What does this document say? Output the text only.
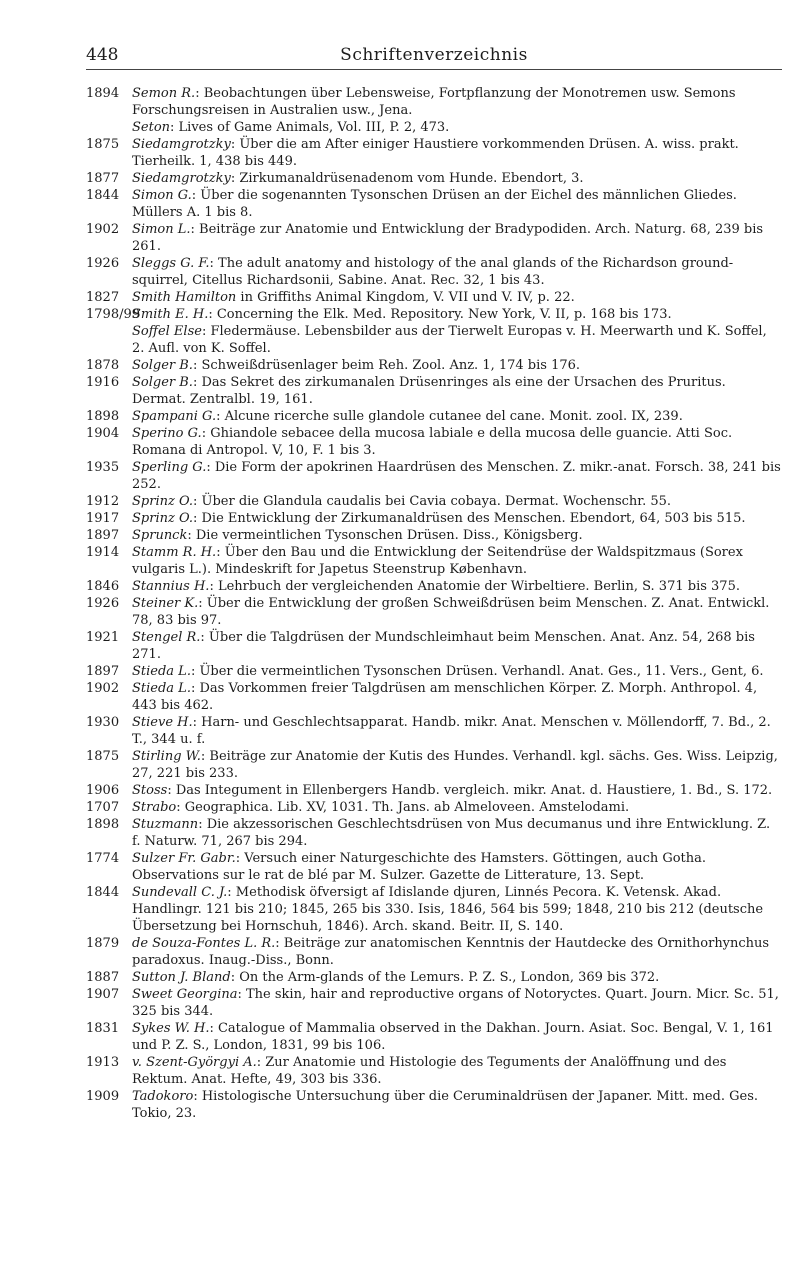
448	Schriftenverzeichnis

1894 Semon R.: Beobachtungen über Lebensweise, Fortpflanzung der Monotremen usw. Semons Forschungsreisen in Australien usw., Jena.

Seton: Lives of Game Animals, Vol. III, P. 2, 473.

1875 Siedamgrotzky: Über die am After einiger Haustiere vorkommenden Drüsen. A. wiss. prakt. Tierheilk. 1, 438 bis 449.

1877 Siedamgrotzky: Zirkumanaldrüsenadenom vom Hunde. Ebendort, 3.

1844 Simon G.: Über die sogenannten Tysonschen Drüsen an der Eichel des männlichen Gliedes. Müllers A. 1 bis 8.

1902 Simon L.: Beiträge zur Anatomie und Entwicklung der Bradypodiden. Arch. Naturg. 68, 239 bis 261.

1926 Sleggs G. F.: The adult anatomy and histology of the anal glands of the Richardson ground-squirrel, Citellus Richardsonii, Sabine. Anat. Rec. 32, 1 bis 43.

1827 Smith Hamilton in Griffiths Animal Kingdom, V. VII und V. IV, p. 22.

1798/99
Smith E. H.: Concerning the Elk. Med. Repository. New York, V. II, p. 168 bis 173.

Soffel Else: Fledermäuse. Lebensbilder aus der Tierwelt Europas v. H. Meerwarth und K. Soffel, 2. Aufl. von K. Soffel.

1878 Solger B.: Schweißdrüsenlager beim Reh. Zool. Anz. 1, 174 bis 176.

1916 Solger B.: Das Sekret des zirkumanalen Drüsenringes als eine der Ursachen des Pruritus. Dermat. Zentralbl. 19, 161.

1898 Spampani G.: Alcune ricerche sulle glandole cutanee del cane. Monit. zool. IX, 239.

1904 Sperino G.: Ghiandole sebacee della mucosa labiale e della mucosa delle guancie. Atti Soc. Romana di Antropol. V, 10, F. 1 bis 3.

1935 Sperling G.: Die Form der apokrinen Haardrüsen des Menschen. Z. mikr.-anat. Forsch. 38, 241 bis 252.

1912 Sprinz O.: Über die Glandula caudalis bei Cavia cobaya. Dermat. Wochenschr. 55.

1917 Sprinz O.: Die Entwicklung der Zirkumanaldrüsen des Menschen. Ebendort, 64, 503 bis 515.

1897 Sprunck: Die vermeintlichen Tysonschen Drüsen. Diss., Königsberg.

1914 Stamm R. H.: Über den Bau und die Entwicklung der Seitendrüse der Waldspitzmaus (Sorex vulgaris L.). Mindeskrift for Japetus Steenstrup København.

1846 Stannius H.: Lehrbuch der vergleichenden Anatomie der Wirbeltiere. Berlin, S. 371 bis 375.

1926 Steiner K.: Über die Entwicklung der großen Schweißdrüsen beim Menschen. Z. Anat. Entwickl. 78, 83 bis 97.

1921 Stengel R.: Über die Talgdrüsen der Mundschleimhaut beim Menschen. Anat. Anz. 54, 268 bis 271.

1897 Stieda L.: Über die vermeintlichen Tysonschen Drüsen. Verhandl. Anat. Ges., 11. Vers., Gent, 6.

1902 Stieda L.: Das Vorkommen freier Talgdrüsen am menschlichen Körper. Z. Morph. Anthropol. 4, 443 bis 462.

1930 Stieve H.: Harn- und Geschlechtsapparat. Handb. mikr. Anat. Menschen v. Möllendorff, 7. Bd., 2. T., 344 u. f.

1875 Stirling W.: Beiträge zur Anatomie der Kutis des Hundes. Verhandl. kgl. sächs. Ges. Wiss. Leipzig, 27, 221 bis 233.

1906 Stoss: Das Integument in Ellenbergers Handb. vergleich. mikr. Anat. d. Haustiere, 1. Bd., S. 172.

1707 Strabo: Geographica. Lib. XV, 1031. Th. Jans. ab Almeloveen. Amstelodami.

1898 Stuzmann: Die akzessorischen Geschlechtsdrüsen von Mus decumanus und ihre Entwicklung. Z. f. Naturw. 71, 267 bis 294.

1774 Sulzer Fr. Gabr.: Versuch einer Naturgeschichte des Hamsters. Göttingen, auch Gotha. Observations sur le rat de blé par M. Sulzer. Gazette de Litterature, 13. Sept.

1844 Sundevall C. J.: Methodisk öfversigt af Idislande djuren, Linnés Pecora. K. Vetensk. Akad. Handlingr. 121 bis 210; 1845, 265 bis 330. Isis, 1846, 564 bis 599; 1848, 210 bis 212 (deutsche Übersetzung bei Hornschuh, 1846). Arch. skand. Beitr. II, S. 140.

1879 de Souza-Fontes L. R.: Beiträge zur anatomischen Kenntnis der Hautdecke des Ornithorhynchus paradoxus. Inaug.-Diss., Bonn.

1887 Sutton J. Bland: On the Arm-glands of the Lemurs. P. Z. S., London, 369 bis 372.

1907 Sweet Georgina: The skin, hair and reproductive organs of Notoryctes. Quart. Journ. Micr. Sc. 51, 325 bis 344.

1831 Sykes W. H.: Catalogue of Mammalia observed in the Dakhan. Journ. Asiat. Soc. Bengal, V. 1, 161 und P. Z. S., London, 1831, 99 bis 106.

1913 v. Szent-Györgyi A.: Zur Anatomie und Histologie des Teguments der Analöffnung und des Rektum. Anat. Hefte, 49, 303 bis 336.

1909 Tadokoro: Histologische Untersuchung über die Ceruminaldrüsen der Japaner. Mitt. med. Ges. Tokio, 23.
